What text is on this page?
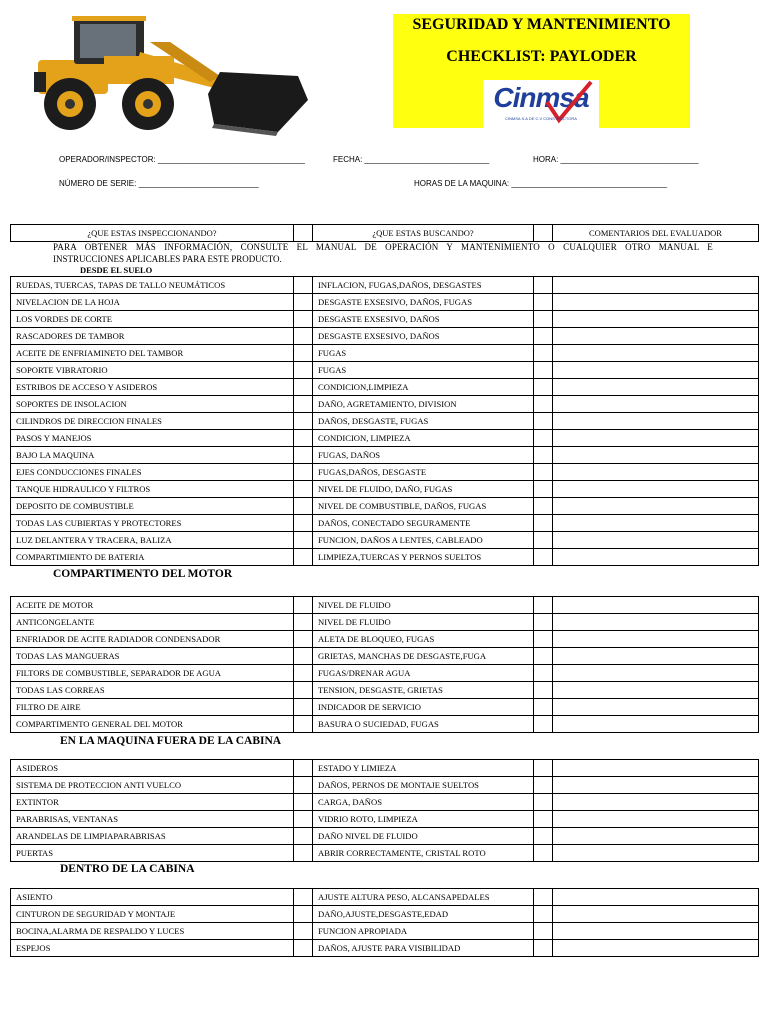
SEGURIDAD Y MANTENIMIENTO
CHECKLIST: PAYLODER
Cinmsa
CINMSA S.A DE C.V CONSTRUCTORA
OPERADOR/INSPECTOR: _________________________________	FECHA: ____________________________	HORA: _______________________________
NÚMERO DE SERIE: ___________________________	HORAS DE LA MAQUINA: ___________________________________
¿QUE ESTAS INSPECCIONANDO?		¿QUE ESTAS BUSCANDO?		COMENTARIOS DEL EVALUADOR
PARA OBTENER MÁS INFORMACIÓN, CONSULTE EL MANUAL DE OPERACIÓN Y MANTENIMIENTO O CUALQUIER OTRO MANUAL E
INSTRUCCIONES APLICABLES PARA ESTE PRODUCTO.
DESDE EL SUELO
COMPARTIMENTO DEL MOTOR
EN LA MAQUINA FUERA DE LA CABINA
DENTRO DE LA CABINA
RUEDAS, TUERCAS, TAPAS DE TALLO NEUMÁTICOS		INFLACION, FUGAS,DAÑOS, DESGASTES		
NIVELACION DE LA HOJA		DESGASTE EXSESIVO, DAÑOS, FUGAS		
LOS VORDES DE CORTE		DESGASTE EXSESIVO, DAÑOS		
RASCADORES DE TAMBOR		DESGASTE EXSESIVO, DAÑOS		
ACEITE DE ENFRIAMINETO DEL TAMBOR		FUGAS		
SOPORTE VIBRATORIO		FUGAS		
ESTRIBOS DE ACCESO Y ASIDEROS		CONDICION,LIMPIEZA		
SOPORTES DE INSOLACION		DAÑO, AGRETAMIENTO, DIVISION		
CILINDROS DE DIRECCION FINALES		DAÑOS, DESGASTE, FUGAS		
PASOS Y MANEJOS		CONDICION, LIMPIEZA		
BAJO LA MAQUINA		FUGAS, DAÑOS		
EJES CONDUCCIONES FINALES		FUGAS,DAÑOS, DESGASTE		
TANQUE HIDRAULICO Y FILTROS		NIVEL DE FLUIDO, DAÑO, FUGAS		
DEPOSITO DE COMBUSTIBLE		NIVEL DE COMBUSTIBLE, DAÑOS, FUGAS		
TODAS LAS CUBIERTAS Y PROTECTORES		DAÑOS, CONECTADO SEGURAMENTE		
LUZ DELANTERA Y TRACERA, BALIZA		FUNCION, DAÑOS A LENTES, CABLEADO		
COMPARTIMIENTO DE BATERIA		LIMPIEZA,TUERCAS Y PERNOS SUELTOS		
ACEITE DE MOTOR		NIVEL DE FLUIDO		
ANTICONGELANTE		NIVEL DE FLUIDO		
ENFRIADOR DE ACITE RADIADOR CONDENSADOR		ALETA DE BLOQUEO, FUGAS		
TODAS LAS MANGUERAS		GRIETAS, MANCHAS DE DESGASTE,FUGA		
FILTORS DE COMBUSTIBLE, SEPARADOR DE AGUA		FUGAS/DRENAR AGUA		
TODAS LAS CORREAS		TENSION, DESGASTE, GRIETAS		
FILTRO DE AIRE		INDICADOR DE SERVICIO		
COMPARTIMENTO GENERAL DEL MOTOR		BASURA O SUCIEDAD, FUGAS		
ASIDEROS		ESTADO Y LIMIEZA		
SISTEMA DE PROTECCION ANTI VUELCO		DAÑOS, PERNOS DE MONTAJE SUELTOS		
EXTINTOR		CARGA, DAÑOS		
PARABRISAS, VENTANAS		VIDRIO ROTO, LIMPIEZA		
ARANDELAS DE LIMPIAPARABRISAS		DAÑO NIVEL DE FLUIDO		
PUERTAS		ABRIR CORRECTAMENTE, CRISTAL ROTO		
ASIENTO		AJUSTE ALTURA PESO, ALCANSAPEDALES		
CINTURON DE SEGURIDAD Y MONTAJE		DAÑO,AJUSTE,DESGASTE,EDAD		
BOCINA,ALARMA DE RESPALDO Y LUCES		FUNCION APROPIADA		
ESPEJOS		DAÑOS, AJUSTE PARA VISIBILIDAD		
